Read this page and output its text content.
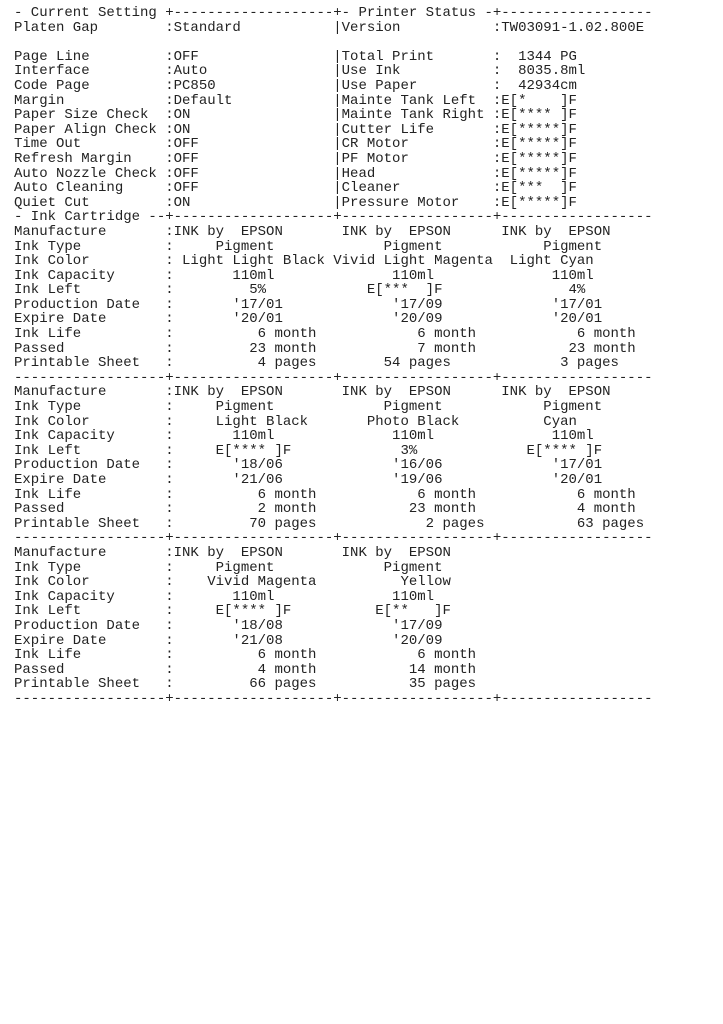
- Current Setting +-------------------+- Printer Status -+------------------
Platen Gap        :Standard           |Version           :TW03091-1.02.800E
Page Line         :OFF                |Total Print       :  1344 PG
Interface         :Auto               |Use Ink           :  8035.8ml
Code Page         :PC850              |Use Paper         :  42934cm
Margin            :Default            |Mainte Tank Left  :E[*    ]F
Paper Size Check  :ON                 |Mainte Tank Right :E[**** ]F
Paper Align Check :ON                 |Cutter Life       :E[*****]F
Time Out          :OFF                |CR Motor          :E[*****]F
Refresh Margin    :OFF                |PF Motor          :E[*****]F
Auto Nozzle Check :OFF                |Head              :E[*****]F
Auto Cleaning     :OFF                |Cleaner           :E[***  ]F
Quiet Cut         :ON                 |Pressure Motor    :E[*****]F
- Ink Cartridge --+-------------------+------------------+------------------
Manufacture       :INK by  EPSON       INK by  EPSON      INK by  EPSON
Ink Type          :     Pigment             Pigment            Pigment
Ink Color         : Light Light Black Vivid Light Magenta  Light Cyan
Ink Capacity      :       110ml              110ml              110ml
Ink Left          :         5%            E[***  ]F               4%
Production Date   :       '17/01             '17/09             '17/01
Expire Date       :       '20/01             '20/09             '20/01
Ink Life          :          6 month            6 month            6 month
Passed            :         23 month            7 month           23 month
Printable Sheet   :          4 pages        54 pages             3 pages
------------------+-------------------+------------------+------------------
Manufacture       :INK by  EPSON       INK by  EPSON      INK by  EPSON
Ink Type          :     Pigment             Pigment            Pigment
Ink Color         :     Light Black       Photo Black          Cyan
Ink Capacity      :       110ml              110ml              110ml
Ink Left          :     E[**** ]F             3%             E[**** ]F
Production Date   :       '18/06             '16/06             '17/01
Expire Date       :       '21/06             '19/06             '20/01
Ink Life          :          6 month            6 month            6 month
Passed            :          2 month           23 month            4 month
Printable Sheet   :         70 pages             2 pages           63 pages
------------------+-------------------+------------------+------------------
Manufacture       :INK by  EPSON       INK by  EPSON
Ink Type          :     Pigment             Pigment
Ink Color         :    Vivid Magenta          Yellow
Ink Capacity      :       110ml              110ml
Ink Left          :     E[**** ]F          E[**   ]F
Production Date   :       '18/08             '17/09
Expire Date       :       '21/08             '20/09
Ink Life          :          6 month            6 month
Passed            :          4 month           14 month
Printable Sheet   :         66 pages           35 pages
------------------+-------------------+------------------+------------------
